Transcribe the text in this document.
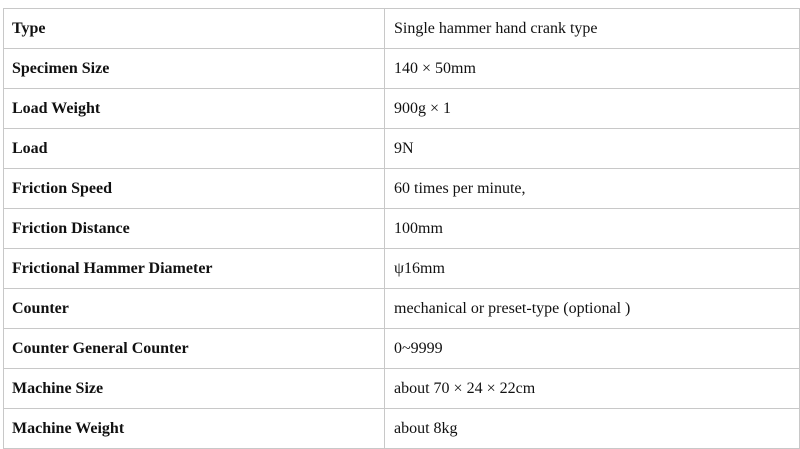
Type	Single hammer hand crank type
Specimen Size	140 × 50mm
Load Weight	900g × 1
Load	9N
Friction Speed	60 times per minute,
Friction Distance	100mm
Frictional Hammer Diameter	ψ16mm
Counter	mechanical or preset-type (optional )
Counter General Counter	0~9999
Machine Size	about 70 × 24 × 22cm
Machine Weight	about 8kg
